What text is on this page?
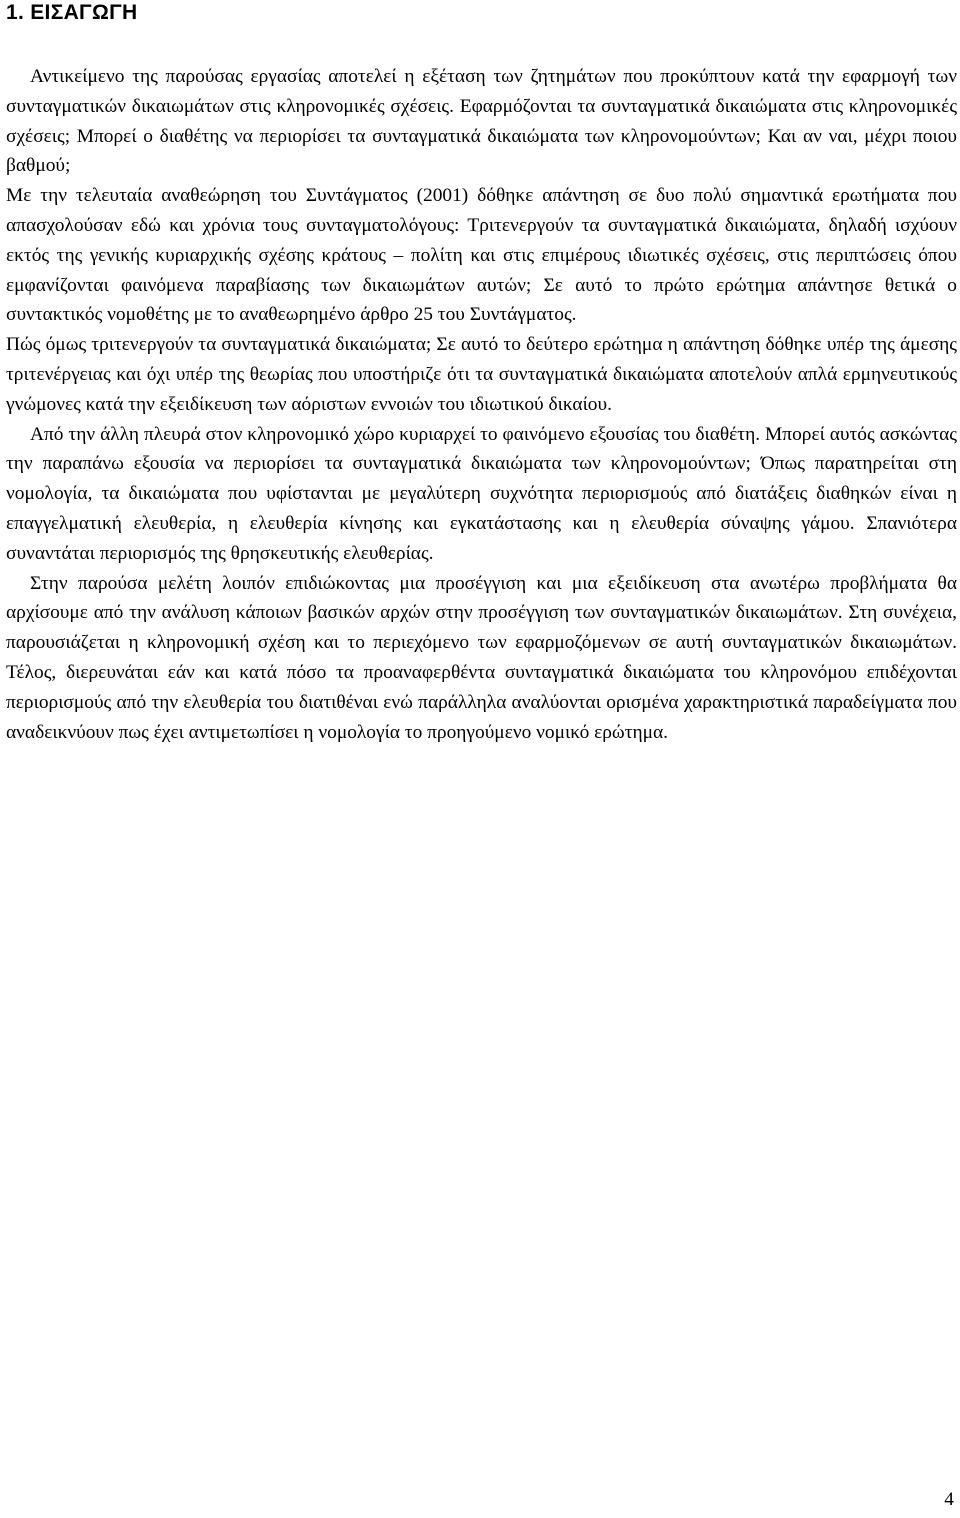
1. ΕΙΣΑΓΩΓΗ

Αντικείμενο της παρούσας εργασίας αποτελεί η εξέταση των ζητημάτων που προκύπτουν κατά την εφαρμογή των συνταγματικών δικαιωμάτων στις κληρονομικές σχέσεις. Εφαρμόζονται τα συνταγματικά δικαιώματα στις κληρονομικές σχέσεις; Μπορεί ο διαθέτης να περιορίσει τα συνταγματικά δικαιώματα των κληρονομούντων; Και αν ναι, μέχρι ποιου βαθμού;

Με την τελευταία αναθεώρηση του Συντάγματος (2001) δόθηκε απάντηση σε δυο πολύ σημαντικά ερωτήματα που απασχολούσαν εδώ και χρόνια τους συνταγματολόγους: Τριτενεργούν τα συνταγματικά δικαιώματα, δηλαδή ισχύουν εκτός της γενικής κυριαρχικής σχέσης κράτους – πολίτη και στις επιμέρους ιδιωτικές σχέσεις, στις περιπτώσεις όπου εμφανίζονται φαινόμενα παραβίασης των δικαιωμάτων αυτών; Σε αυτό το πρώτο ερώτημα απάντησε θετικά ο συντακτικός νομοθέτης με το αναθεωρημένο άρθρο 25 του Συντάγματος.

Πώς όμως τριτενεργούν τα συνταγματικά δικαιώματα; Σε αυτό το δεύτερο ερώτημα η απάντηση δόθηκε υπέρ της άμεσης τριτενέργειας και όχι υπέρ της θεωρίας που υποστήριζε ότι τα συνταγματικά δικαιώματα αποτελούν απλά ερμηνευτικούς γνώμονες κατά την εξειδίκευση των αόριστων εννοιών του ιδιωτικού δικαίου.

Από την άλλη πλευρά στον κληρονομικό χώρο κυριαρχεί το φαινόμενο εξουσίας του διαθέτη. Μπορεί αυτός ασκώντας την παραπάνω εξουσία να περιορίσει τα συνταγματικά δικαιώματα των κληρονομούντων; Όπως παρατηρείται στη νομολογία, τα δικαιώματα που υφίστανται με μεγαλύτερη συχνότητα περιορισμούς από διατάξεις διαθηκών είναι η επαγγελματική ελευθερία, η ελευθερία κίνησης και εγκατάστασης και η ελευθερία σύναψης γάμου. Σπανιότερα συναντάται περιορισμός της θρησκευτικής ελευθερίας.

Στην παρούσα μελέτη λοιπόν επιδιώκοντας μια προσέγγιση και μια εξειδίκευση στα ανωτέρω προβλήματα θα αρχίσουμε από την ανάλυση κάποιων βασικών αρχών στην προσέγγιση των συνταγματικών δικαιωμάτων. Στη συνέχεια, παρουσιάζεται η κληρονομική σχέση και το περιεχόμενο των εφαρμοζόμενων σε αυτή συνταγματικών δικαιωμάτων. Τέλος, διερευνάται εάν και κατά πόσο τα προαναφερθέντα συνταγματικά δικαιώματα του κληρονόμου επιδέχονται περιορισμούς από την ελευθερία του διατιθέναι ενώ παράλληλα αναλύονται ορισμένα χαρακτηριστικά παραδείγματα που αναδεικνύουν πως έχει αντιμετωπίσει η νομολογία το προηγούμενο νομικό ερώτημα.

4
